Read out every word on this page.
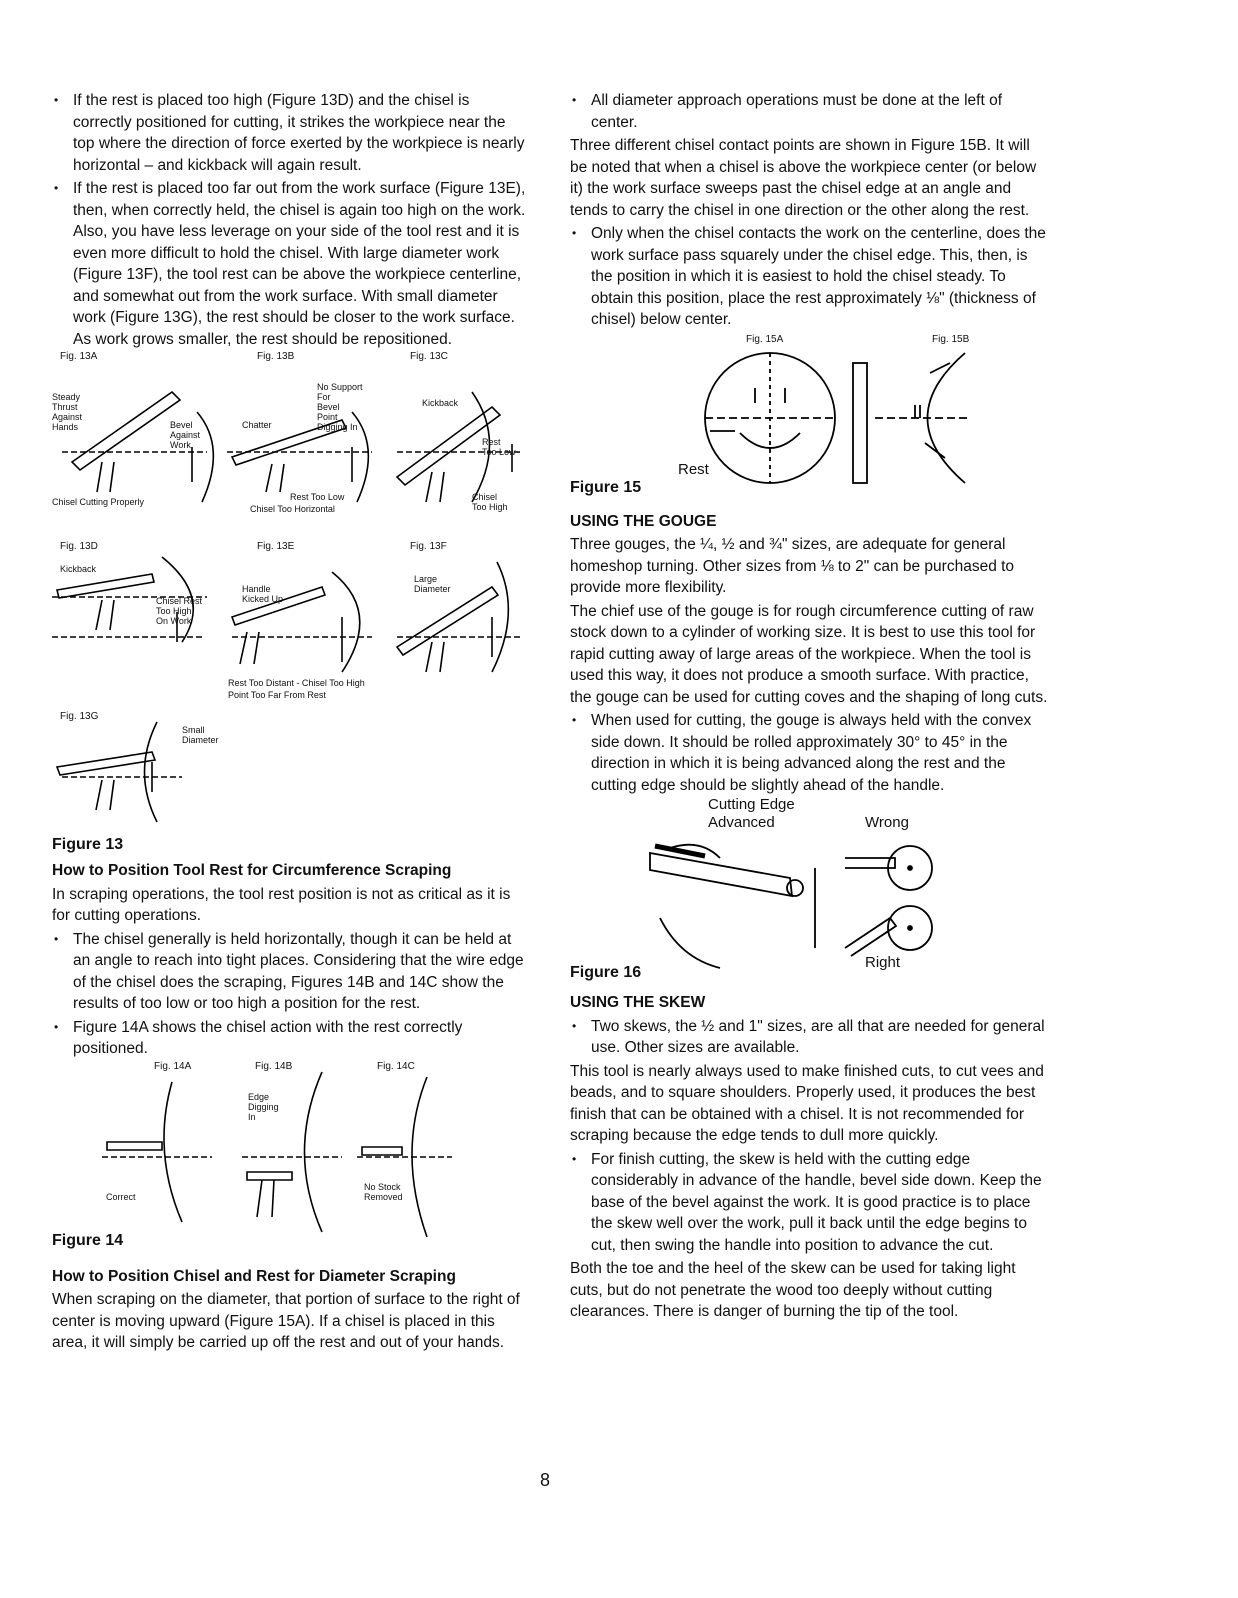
• If the rest is placed too high (Figure 13D) and the chisel is correctly positioned for cutting, it strikes the workpiece near the top where the direction of force exerted by the workpiece is nearly horizontal – and kickback will again result.
• If the rest is placed too far out from the work surface (Figure 13E), then, when correctly held, the chisel is again too high on the work. Also, you have less leverage on your side of the tool rest and it is even more difficult to hold the chisel. With large diameter work (Figure 13F), the tool rest can be above the workpiece centerline, and somewhat out from the work surface. With small diameter work (Figure 13G), the rest should be closer to the work surface. As work grows smaller, the rest should be repositioned.
Fig. 13A
Steady
Thrust
Against
Hands	Bevel
Against
Work
Chisel Cutting Properly
Fig. 13B
No Support
For
Bevel
Point
Digging In
Chatter
Rest Too Low
Chisel Too Horizontal
Fig. 13C
Kickback
Rest
Too Low
Chisel
Too High
Fig. 13D
Kickback
Chisel Rest
Too High
On Work
Fig. 13E
Handle
Kicked Up
Fig. 13F
Large
Diameter
Rest Too Distant - Chisel Too High
Point Too Far From Rest
Fig. 13G
Small
Diameter
Figure 13

How to Position Tool Rest for Circumference Scraping

In scraping operations, the tool rest position is not as critical as it is for cutting operations.

• The chisel generally is held horizontally, though it can be held at an angle to reach into tight places. Considering that the wire edge of the chisel does the scraping, Figures 14B and 14C show the results of too low or too high a position for the rest.
• Figure 14A shows the chisel action with the rest correctly positioned.
Fig. 14A
Correct
Fig. 14B
Edge
Digging
In
Fig. 14C
No Stock
Removed
Figure 14

How to Position Chisel and Rest for Diameter Scraping

When scraping on the diameter, that portion of surface to the right of center is moving upward (Figure 15A). If a chisel is placed in this area, it will simply be carried up off the rest and out of your hands.

• All diameter approach operations must be done at the left of center.

Three different chisel contact points are shown in Figure 15B. It will be noted that when a chisel is above the workpiece center (or below it) the work surface sweeps past the chisel edge at an angle and tends to carry the chisel in one direction or the other along the rest.

• Only when the chisel contacts the work on the centerline, does the work surface pass squarely under the chisel edge. This, then, is the position in which it is easiest to hold the chisel steady. To obtain this position, place the rest approximately ⅛" (thickness of chisel) below center.
Fig. 15A	Fig. 15B
Rest
Figure 15

USING THE GOUGE

Three gouges, the ¼, ½ and ¾" sizes, are adequate for general homeshop turning. Other sizes from ⅛ to 2" can be purchased to provide more flexibility.

The chief use of the gouge is for rough circumference cutting of raw stock down to a cylinder of working size. It is best to use this tool for rapid cutting away of large areas of the workpiece. When the tool is used this way, it does not produce a smooth surface. With practice, the gouge can be used for cutting coves and the shaping of long cuts.

• When used for cutting, the gouge is always held with the convex side down. It should be rolled approximately 30° to 45° in the direction in which it is being advanced along the rest and the cutting edge should be slightly ahead of the handle.
Cutting Edge
Advanced	Wrong
Right
Figure 16

USING THE SKEW

• Two skews, the ½ and 1" sizes, are all that are needed for general use. Other sizes are available.

This tool is nearly always used to make finished cuts, to cut vees and beads, and to square shoulders. Properly used, it produces the best finish that can be obtained with a chisel. It is not recommended for scraping because the edge tends to dull more quickly.

• For finish cutting, the skew is held with the cutting edge considerably in advance of the handle, bevel side down. Keep the base of the bevel against the work. It is good practice is to place the skew well over the work, pull it back until the edge begins to cut, then swing the handle into position to advance the cut.

Both the toe and the heel of the skew can be used for taking light cuts, but do not penetrate the wood too deeply without cutting clearances. There is danger of burning the tip of the tool.

8
